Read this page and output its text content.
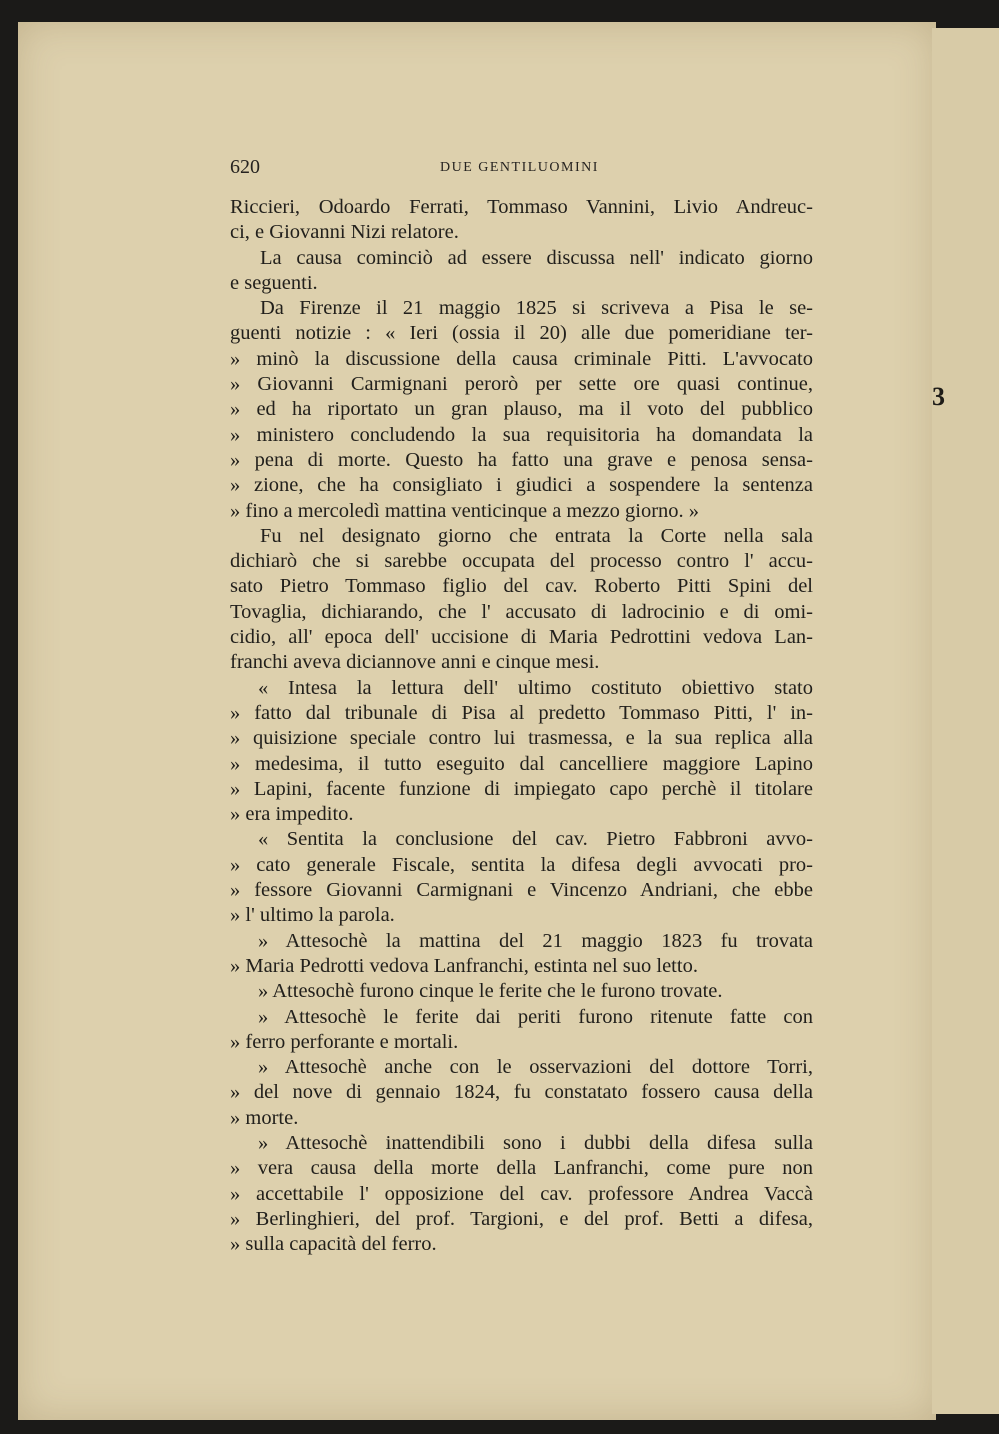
3
620	DUE GENTILUOMINI
Riccieri, Odoardo Ferrati, Tommaso Vannini, Livio Andreuc-
ci, e Giovanni Nizi relatore.
La causa cominciò ad essere discussa nell' indicato giorno
e seguenti.
Da Firenze il 21 maggio 1825 si scriveva a Pisa le se-
guenti notizie : « Ieri (ossia il 20) alle due pomeridiane ter-
» minò la discussione della causa criminale Pitti. L'avvocato
» Giovanni Carmignani perorò per sette ore quasi continue,
» ed ha riportato un gran plauso, ma il voto del pubblico
» ministero concludendo la sua requisitoria ha domandata la
» pena di morte. Questo ha fatto una grave e penosa sensa-
» zione, che ha consigliato i giudici a sospendere la sentenza
» fino a mercoledì mattina venticinque a mezzo giorno. »
Fu nel designato giorno che entrata la Corte nella sala
dichiarò che si sarebbe occupata del processo contro l' accu-
sato Pietro Tommaso figlio del cav. Roberto Pitti Spini del
Tovaglia, dichiarando, che l' accusato di ladrocinio e di omi-
cidio, all' epoca dell' uccisione di Maria Pedrottini vedova Lan-
franchi aveva diciannove anni e cinque mesi.
« Intesa la lettura dell' ultimo costituto obiettivo stato
» fatto dal tribunale di Pisa al predetto Tommaso Pitti, l' in-
» quisizione speciale contro lui trasmessa, e la sua replica alla
» medesima, il tutto eseguito dal cancelliere maggiore Lapino
» Lapini, facente funzione di impiegato capo perchè il titolare
» era impedito.
« Sentita la conclusione del cav. Pietro Fabbroni avvo-
» cato generale Fiscale, sentita la difesa degli avvocati pro-
» fessore Giovanni Carmignani e Vincenzo Andriani, che ebbe
» l' ultimo la parola.
» Attesochè la mattina del 21 maggio 1823 fu trovata
» Maria Pedrotti vedova Lanfranchi, estinta nel suo letto.
» Attesochè furono cinque le ferite che le furono trovate.
» Attesochè le ferite dai periti furono ritenute fatte con
» ferro perforante e mortali.
» Attesochè anche con le osservazioni del dottore Torri,
» del nove di gennaio 1824, fu constatato fossero causa della
» morte.
» Attesochè inattendibili sono i dubbi della difesa sulla
» vera causa della morte della Lanfranchi, come pure non
» accettabile l' opposizione del cav. professore Andrea Vaccà
» Berlinghieri, del prof. Targioni, e del prof. Betti a difesa,
» sulla capacità del ferro.
